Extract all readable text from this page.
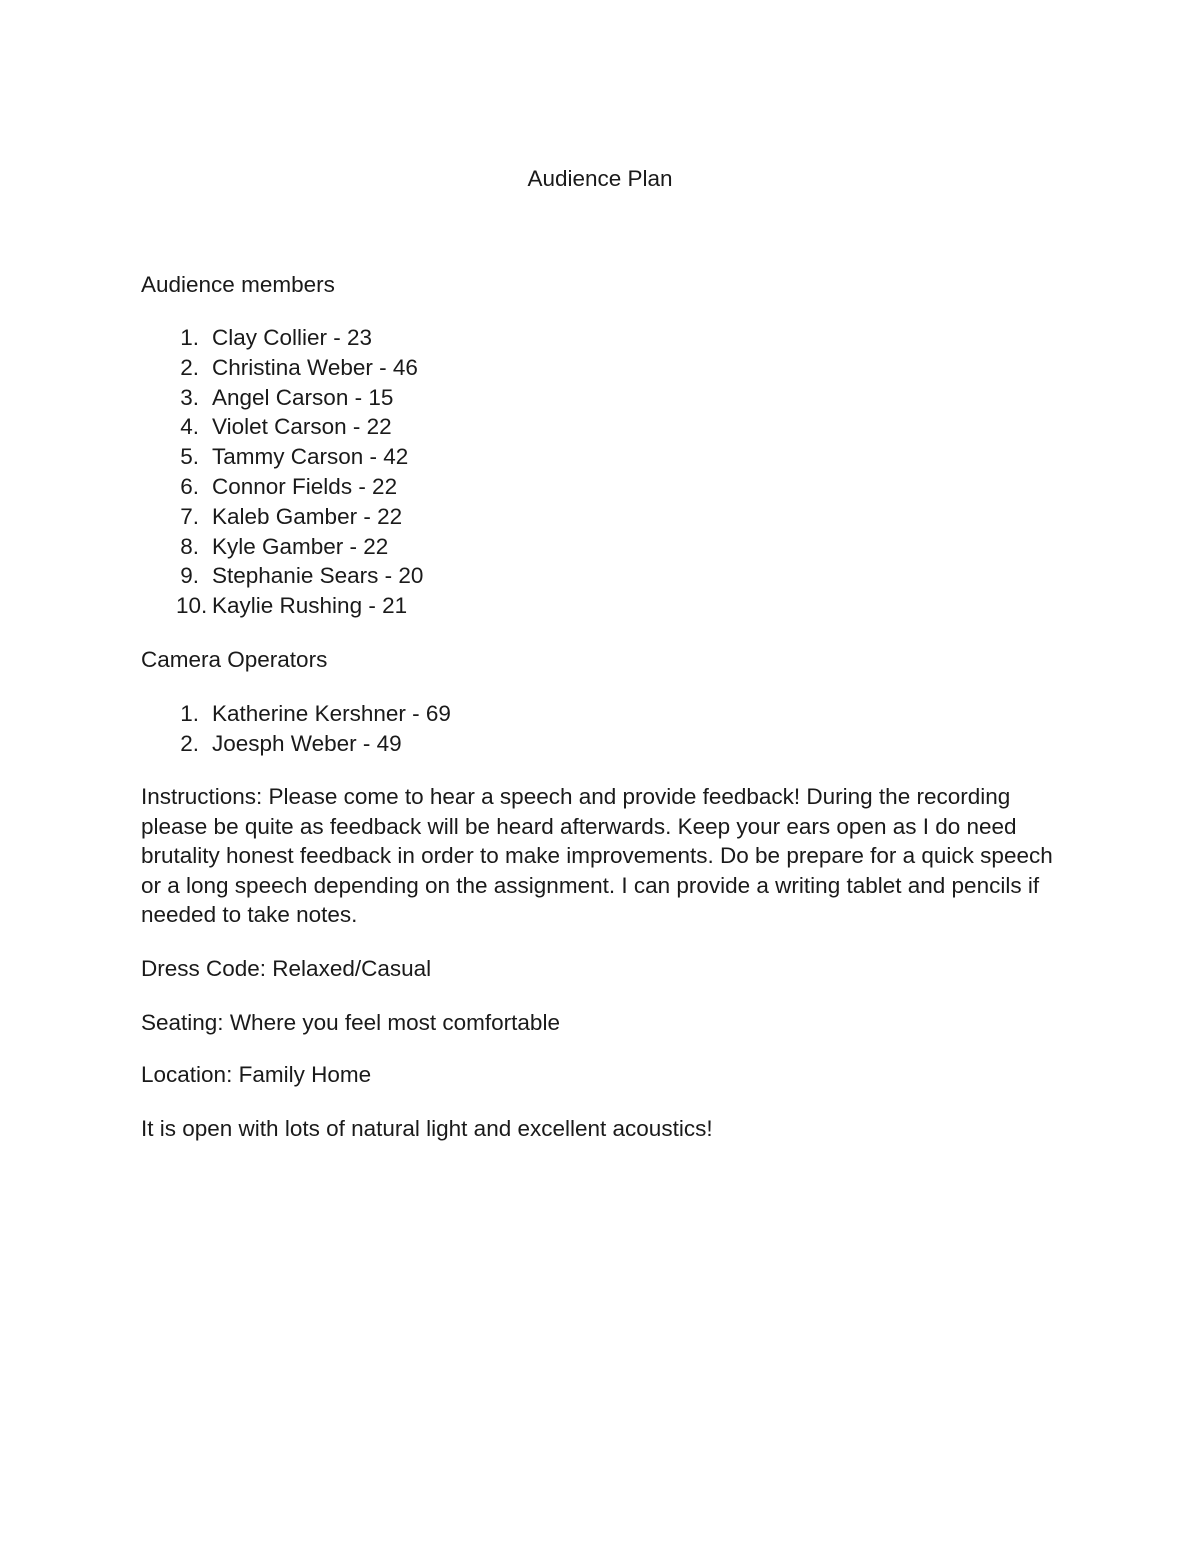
Audience Plan

Audience members

1. Clay Collier - 23
2. Christina Weber - 46
3. Angel Carson - 15
4. Violet Carson - 22
5. Tammy Carson - 42
6. Connor Fields - 22
7. Kaleb Gamber - 22
8. Kyle Gamber - 22
9. Stephanie Sears - 20
10. Kaylie Rushing - 21

Camera Operators

1. Katherine Kershner - 69
2. Joesph Weber - 49

Instructions: Please come to hear a speech and provide feedback! During the recording please be quite as feedback will be heard afterwards. Keep your ears open as I do need brutality honest feedback in order to make improvements. Do be prepare for a quick speech or a long speech depending on the assignment. I can provide a writing tablet and pencils if needed to take notes.

Dress Code: Relaxed/Casual

Seating: Where you feel most comfortable

Location: Family Home

It is open with lots of natural light and excellent acoustics!
